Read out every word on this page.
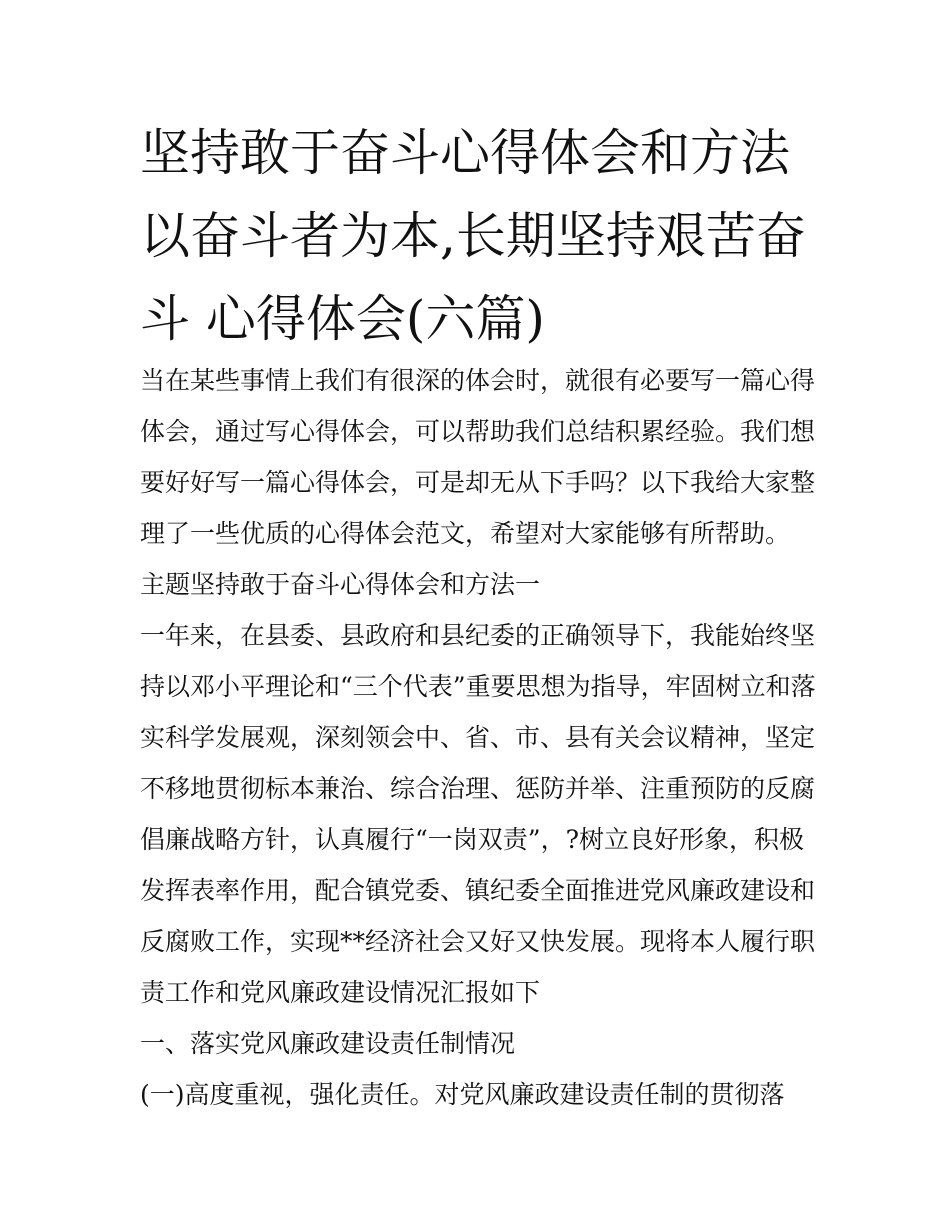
坚持敢于奋斗心得体会和方法
以奋斗者为本,长期坚持艰苦奋
斗 心得体会(六篇)

当在某些事情上我们有很深的体会时，就很有必要写一篇心得
体会，通过写心得体会，可以帮助我们总结积累经验。我们想
要好好写一篇心得体会，可是却无从下手吗？以下我给大家整
理了一些优质的心得体会范文，希望对大家能够有所帮助。

主题坚持敢于奋斗心得体会和方法一

一年来，在县委、县政府和县纪委的正确领导下，我能始终坚
持以邓小平理论和“三个代表”重要思想为指导，牢固树立和落
实科学发展观，深刻领会中、省、市、县有关会议精神，坚定
不移地贯彻标本兼治、综合治理、惩防并举、注重预防的反腐
倡廉战略方针，认真履行“一岗双责”，?树立良好形象，积极
发挥表率作用，配合镇党委、镇纪委全面推进党风廉政建设和
反腐败工作，实现**经济社会又好又快发展。现将本人履行职
责工作和党风廉政建设情况汇报如下

一、落实党风廉政建设责任制情况

(一)高度重视，强化责任。对党风廉政建设责任制的贯彻落
